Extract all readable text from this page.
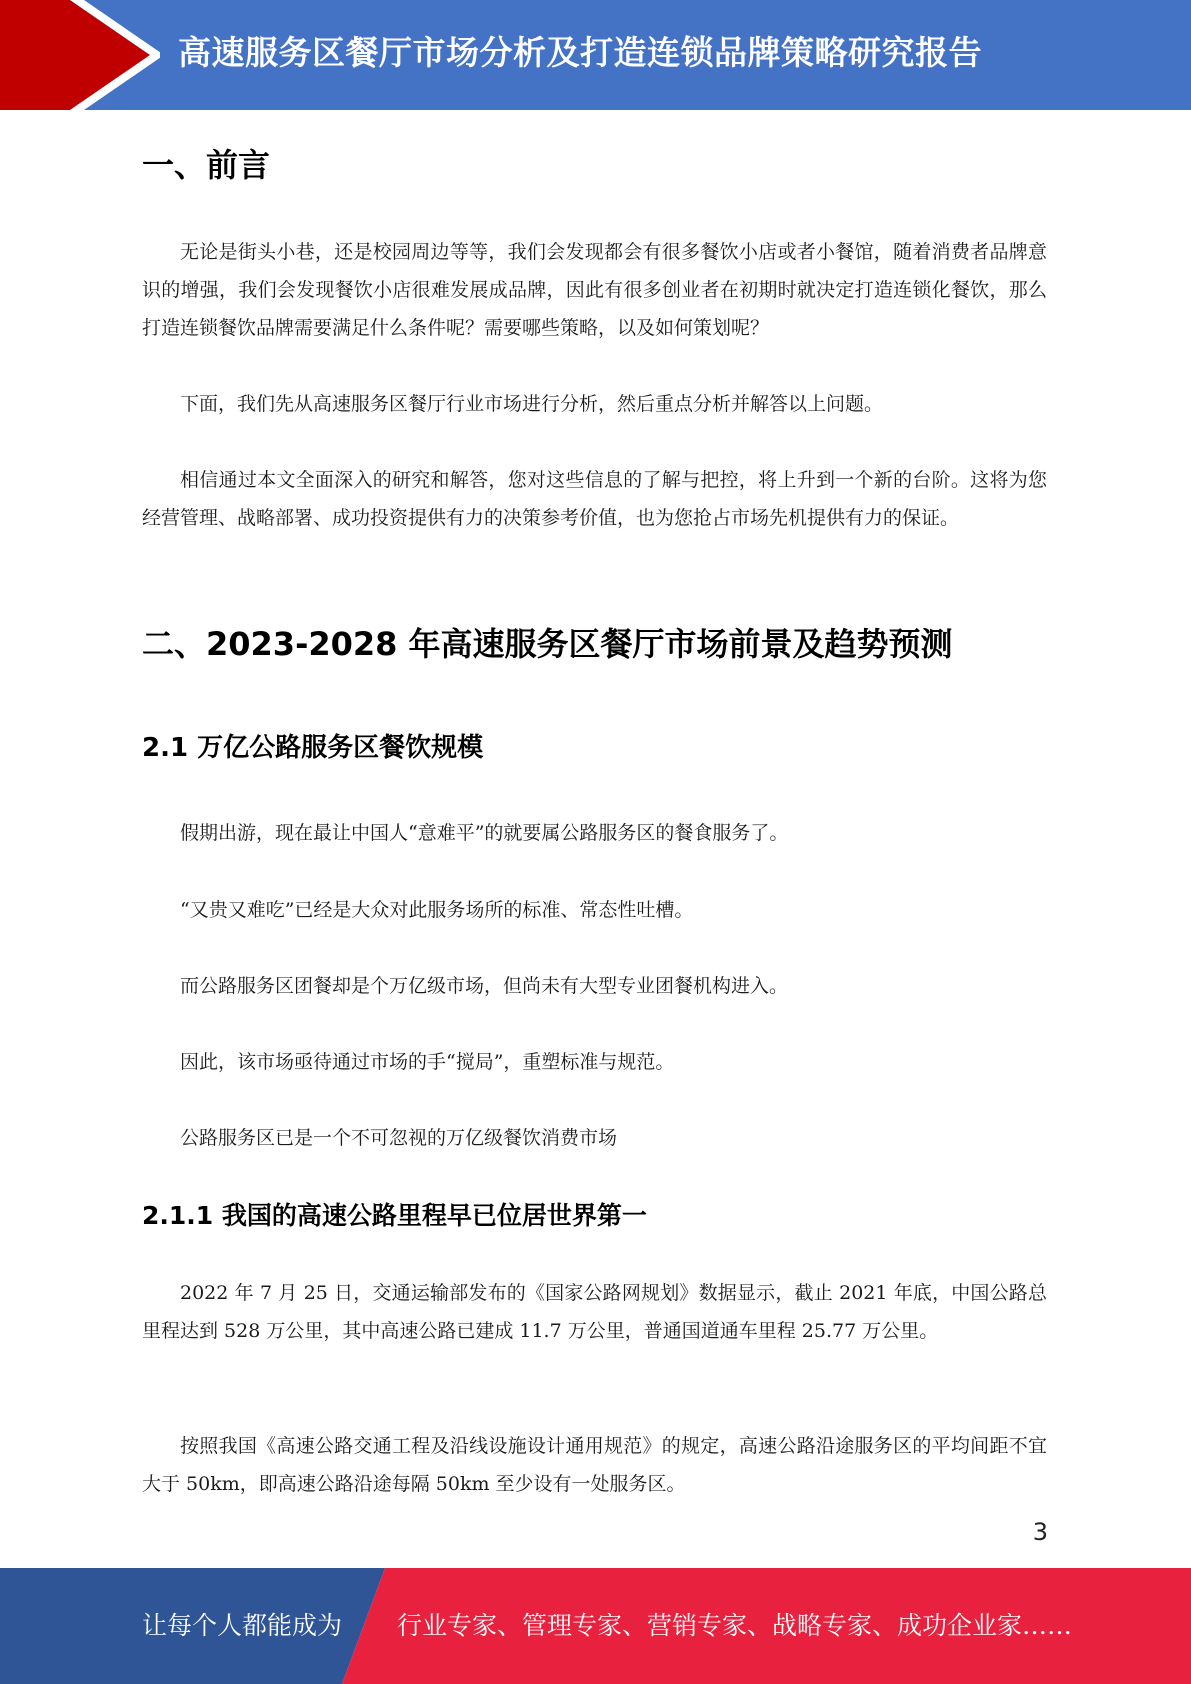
高速服务区餐厅市场分析及打造连锁品牌策略研究报告
一、前言

无论是街头小巷，还是校园周边等等，我们会发现都会有很多餐饮小店或者小餐馆，随着消费者品牌意识的增强，我们会发现餐饮小店很难发展成品牌，因此有很多创业者在初期时就决定打造连锁化餐饮，那么打造连锁餐饮品牌需要满足什么条件呢？需要哪些策略，以及如何策划呢？

下面，我们先从高速服务区餐厅行业市场进行分析，然后重点分析并解答以上问题。

相信通过本文全面深入的研究和解答，您对这些信息的了解与把控，将上升到一个新的台阶。这将为您经营管理、战略部署、成功投资提供有力的决策参考价值，也为您抢占市场先机提供有力的保证。

二、2023-2028 年高速服务区餐厅市场前景及趋势预测
2.1 万亿公路服务区餐饮规模

假期出游，现在最让中国人“意难平”的就要属公路服务区的餐食服务了。

“又贵又难吃”已经是大众对此服务场所的标准、常态性吐槽。

而公路服务区团餐却是个万亿级市场，但尚未有大型专业团餐机构进入。

因此，该市场亟待通过市场的手“搅局”，重塑标准与规范。

公路服务区已是一个不可忽视的万亿级餐饮消费市场

2.1.1 我国的高速公路里程早已位居世界第一

2022 年 7 月 25 日，交通运输部发布的《国家公路网规划》数据显示，截止 2021 年底，中国公路总里程达到 528 万公里，其中高速公路已建成 11.7 万公里，普通国道通车里程 25.77 万公里。

按照我国《高速公路交通工程及沿线设施设计通用规范》的规定，高速公路沿途服务区的平均间距不宜大于 50km，即高速公路沿途每隔 50km 至少设有一处服务区。

3
让每个人都能成为 行业专家、管理专家、营销专家、战略专家、成功企业家……
